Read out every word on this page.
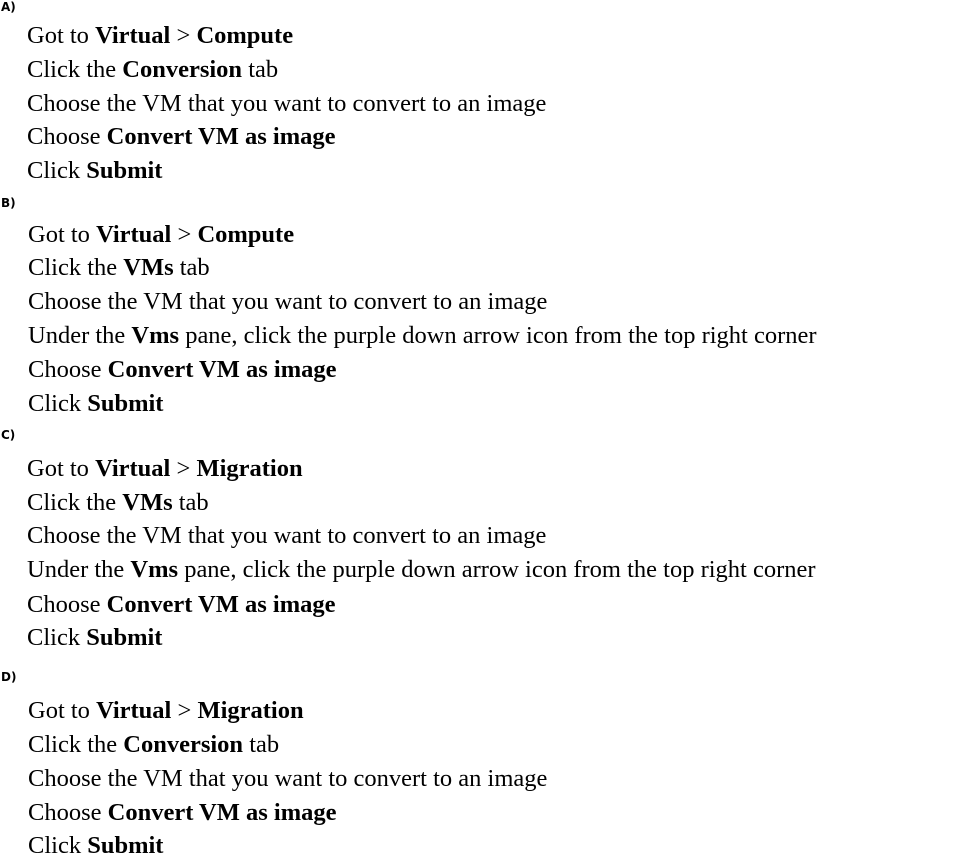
A)
Got to Virtual > Compute
Click the Conversion tab
Choose the VM that you want to convert to an image
Choose Convert VM as image
Click Submit
B)
Got to Virtual > Compute
Click the VMs tab
Choose the VM that you want to convert to an image
Under the Vms pane, click the purple down arrow icon from the top right corner
Choose Convert VM as image
Click Submit
C)
Got to Virtual > Migration
Click the VMs tab
Choose the VM that you want to convert to an image
Under the Vms pane, click the purple down arrow icon from the top right corner
Choose Convert VM as image
Click Submit
D)
Got to Virtual > Migration
Click the Conversion tab
Choose the VM that you want to convert to an image
Choose Convert VM as image
Click Submit
